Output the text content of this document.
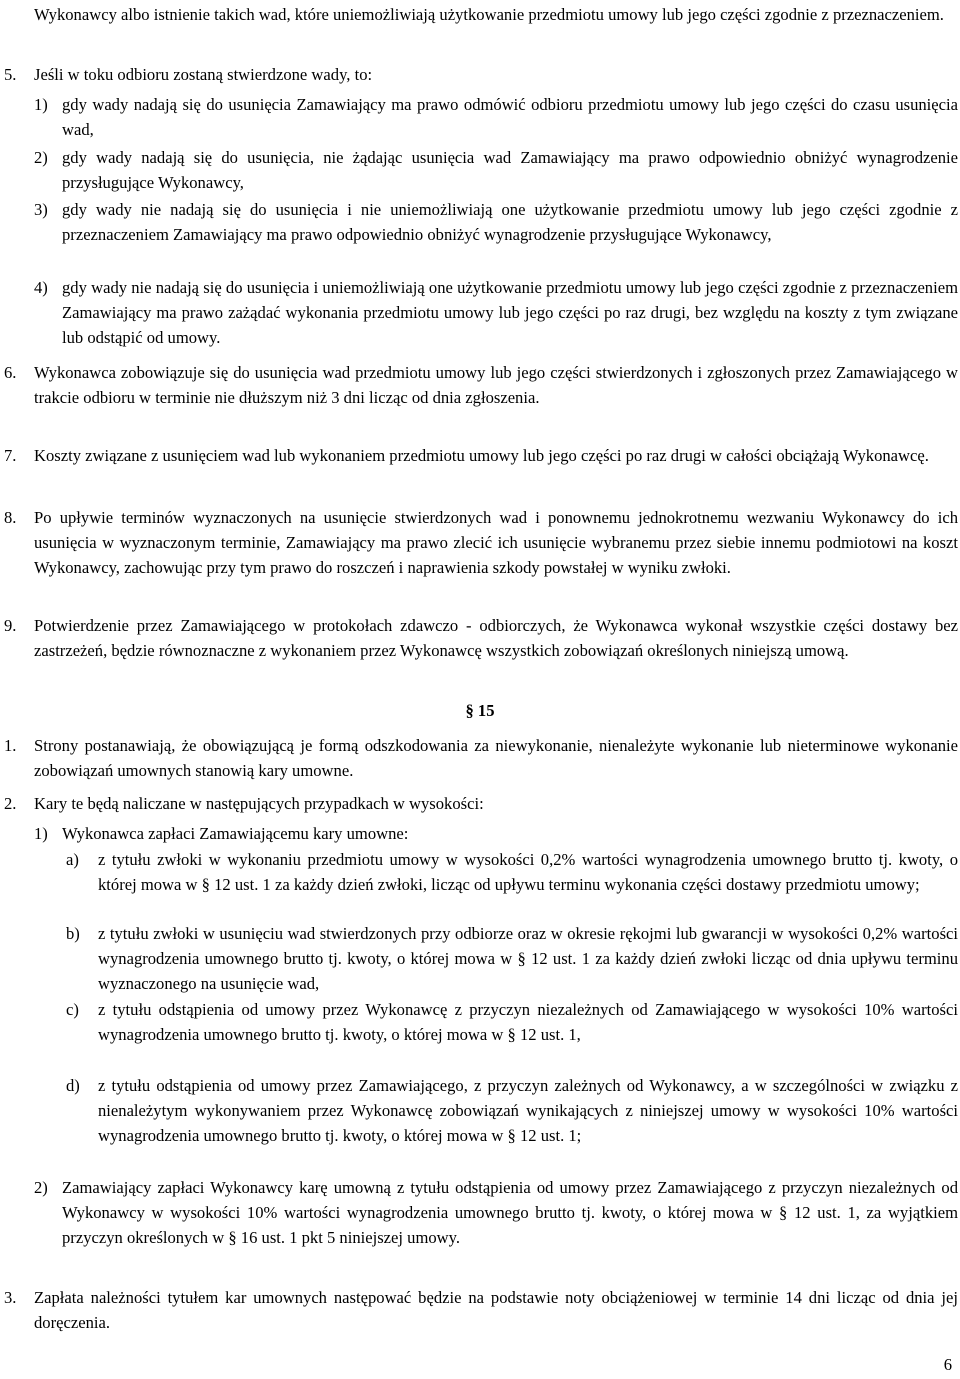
Wykonawcy albo istnienie takich wad, które uniemożliwiają użytkowanie przedmiotu umowy lub jego części zgodnie z przeznaczeniem.
5. Jeśli w toku odbioru zostaną stwierdzone wady, to:
1) gdy wady nadają się do usunięcia Zamawiający ma prawo odmówić odbioru przedmiotu umowy lub jego części do czasu usunięcia wad,
2) gdy wady nadają się do usunięcia, nie żądając usunięcia wad Zamawiający ma prawo odpowiednio obniżyć wynagrodzenie przysługujące Wykonawcy,
3) gdy wady nie nadają się do usunięcia i nie uniemożliwiają one użytkowanie przedmiotu umowy lub jego części zgodnie z przeznaczeniem Zamawiający ma prawo odpowiednio obniżyć wynagrodzenie przysługujące Wykonawcy,
4) gdy wady nie nadają się do usunięcia i uniemożliwiają one użytkowanie przedmiotu umowy lub jego części zgodnie z przeznaczeniem Zamawiający ma prawo zażądać wykonania przedmiotu umowy lub jego części po raz drugi, bez względu na koszty z tym związane lub odstąpić od umowy.
6. Wykonawca zobowiązuje się do usunięcia wad przedmiotu umowy lub jego części stwierdzonych i zgłoszonych przez Zamawiającego w trakcie odbioru w terminie nie dłuższym niż 3 dni licząc od dnia zgłoszenia.
7. Koszty związane z usunięciem wad lub wykonaniem przedmiotu umowy lub jego części po raz drugi w całości obciążają Wykonawcę.
8. Po upływie terminów wyznaczonych na usunięcie stwierdzonych wad i ponownemu jednokrotnemu wezwaniu Wykonawcy do ich usunięcia w wyznaczonym terminie, Zamawiający ma prawo zlecić ich usunięcie wybranemu przez siebie innemu podmiotowi na koszt Wykonawcy, zachowując przy tym prawo do roszczeń i naprawienia szkody powstałej w wyniku zwłoki.
9. Potwierdzenie przez Zamawiającego w protokołach zdawczo - odbiorczych, że Wykonawca wykonał wszystkie części dostawy bez zastrzeżeń, będzie równoznaczne z wykonaniem przez Wykonawcę wszystkich zobowiązań określonych niniejszą umową.
§ 15
1. Strony postanawiają, że obowiązującą je formą odszkodowania za niewykonanie, nienależyte wykonanie lub nieterminowe wykonanie zobowiązań umownych stanowią kary umowne.
2. Kary te będą naliczane w następujących przypadkach w wysokości:
1) Wykonawca zapłaci Zamawiającemu kary umowne:
a) z tytułu zwłoki w wykonaniu przedmiotu umowy w wysokości 0,2% wartości wynagrodzenia umownego brutto tj. kwoty, o której mowa w § 12 ust. 1 za każdy dzień zwłoki, licząc od upływu terminu wykonania części dostawy przedmiotu umowy;
b) z tytułu zwłoki w usunięciu wad stwierdzonych przy odbiorze oraz w okresie rękojmi lub gwarancji w wysokości 0,2% wartości wynagrodzenia umownego brutto tj. kwoty, o której mowa w § 12 ust. 1 za każdy dzień zwłoki licząc od dnia upływu terminu wyznaczonego na usunięcie wad,
c) z tytułu odstąpienia od umowy przez Wykonawcę z przyczyn niezależnych od Zamawiającego w wysokości 10% wartości wynagrodzenia umownego brutto tj. kwoty, o której mowa w § 12 ust. 1,
d) z tytułu odstąpienia od umowy przez Zamawiającego, z przyczyn zależnych od Wykonawcy, a w szczególności w związku z nienależytym wykonywaniem przez Wykonawcę zobowiązań wynikających z niniejszej umowy w wysokości 10% wartości wynagrodzenia umownego brutto tj. kwoty, o której mowa w § 12 ust. 1;
2) Zamawiający zapłaci Wykonawcy karę umowną z tytułu odstąpienia od umowy przez Zamawiającego z przyczyn niezależnych od Wykonawcy w wysokości 10% wartości wynagrodzenia umownego brutto tj. kwoty, o której mowa w § 12 ust. 1, za wyjątkiem przyczyn określonych w § 16 ust. 1 pkt 5 niniejszej umowy.
3. Zapłata należności tytułem kar umownych następować będzie na podstawie noty obciążeniowej w terminie 14 dni licząc od dnia jej doręczenia.
6
